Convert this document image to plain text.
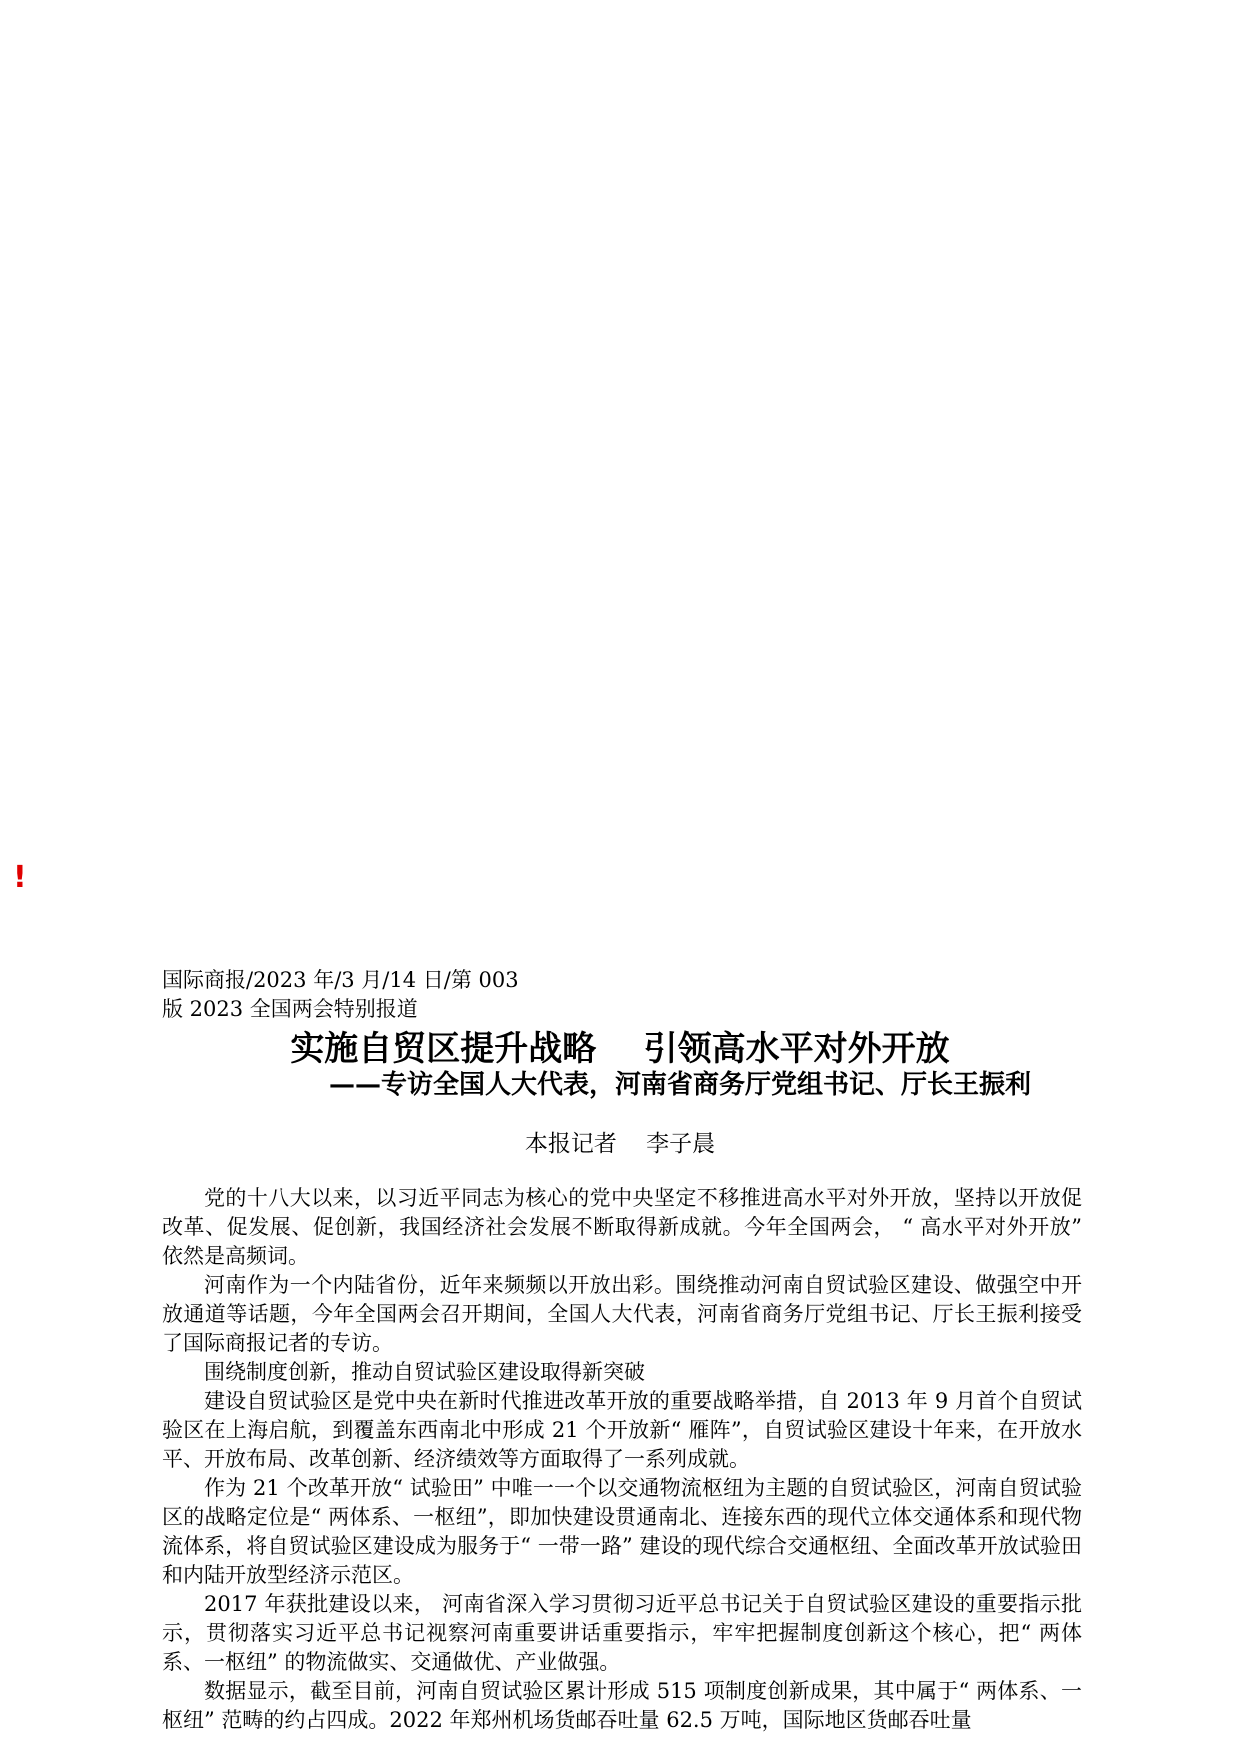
!
国际商报/2023 年/3 月/14 日/第 003
版 2023 全国两会特别报道
实施自贸区提升战略    引领高水平对外开放
——专访全国人大代表，河南省商务厅党组书记、厅长王振利
本报记者    李子晨

党的十八大以来，以习近平同志为核心的党中央坚定不移推进高水平对外开放，坚持以开放促改革、促发展、促创新，我国经济社会发展不断取得新成就。今年全国两会， “ 高水平对外开放” 依然是高频词。

河南作为一个内陆省份，近年来频频以开放出彩。围绕推动河南自贸试验区建设、做强空中开放通道等话题，今年全国两会召开期间，全国人大代表，河南省商务厅党组书记、厅长王振利接受了国际商报记者的专访。

围绕制度创新，推动自贸试验区建设取得新突破

建设自贸试验区是党中央在新时代推进改革开放的重要战略举措，自 2013 年 9 月首个自贸试验区在上海启航，到覆盖东西南北中形成 21 个开放新“ 雁阵”，自贸试验区建设十年来，在开放水平、开放布局、改革创新、经济绩效等方面取得了一系列成就。

作为 21 个改革开放“ 试验田” 中唯一一个以交通物流枢纽为主题的自贸试验区，河南自贸试验区的战略定位是“ 两体系、一枢纽”，即加快建设贯通南北、连接东西的现代立体交通体系和现代物流体系，将自贸试验区建设成为服务于“ 一带一路” 建设的现代综合交通枢纽、全面改革开放试验田和内陆开放型经济示范区。

2017 年获批建设以来， 河南省深入学习贯彻习近平总书记关于自贸试验区建设的重要指示批示，贯彻落实习近平总书记视察河南重要讲话重要指示，牢牢把握制度创新这个核心，把“ 两体系、一枢纽” 的物流做实、交通做优、产业做强。

数据显示，截至目前，河南自贸试验区累计形成 515 项制度创新成果，其中属于“ 两体系、一枢纽” 范畴的约占四成。2022 年郑州机场货邮吞吐量 62.5 万吨，国际地区货邮吞吐量
